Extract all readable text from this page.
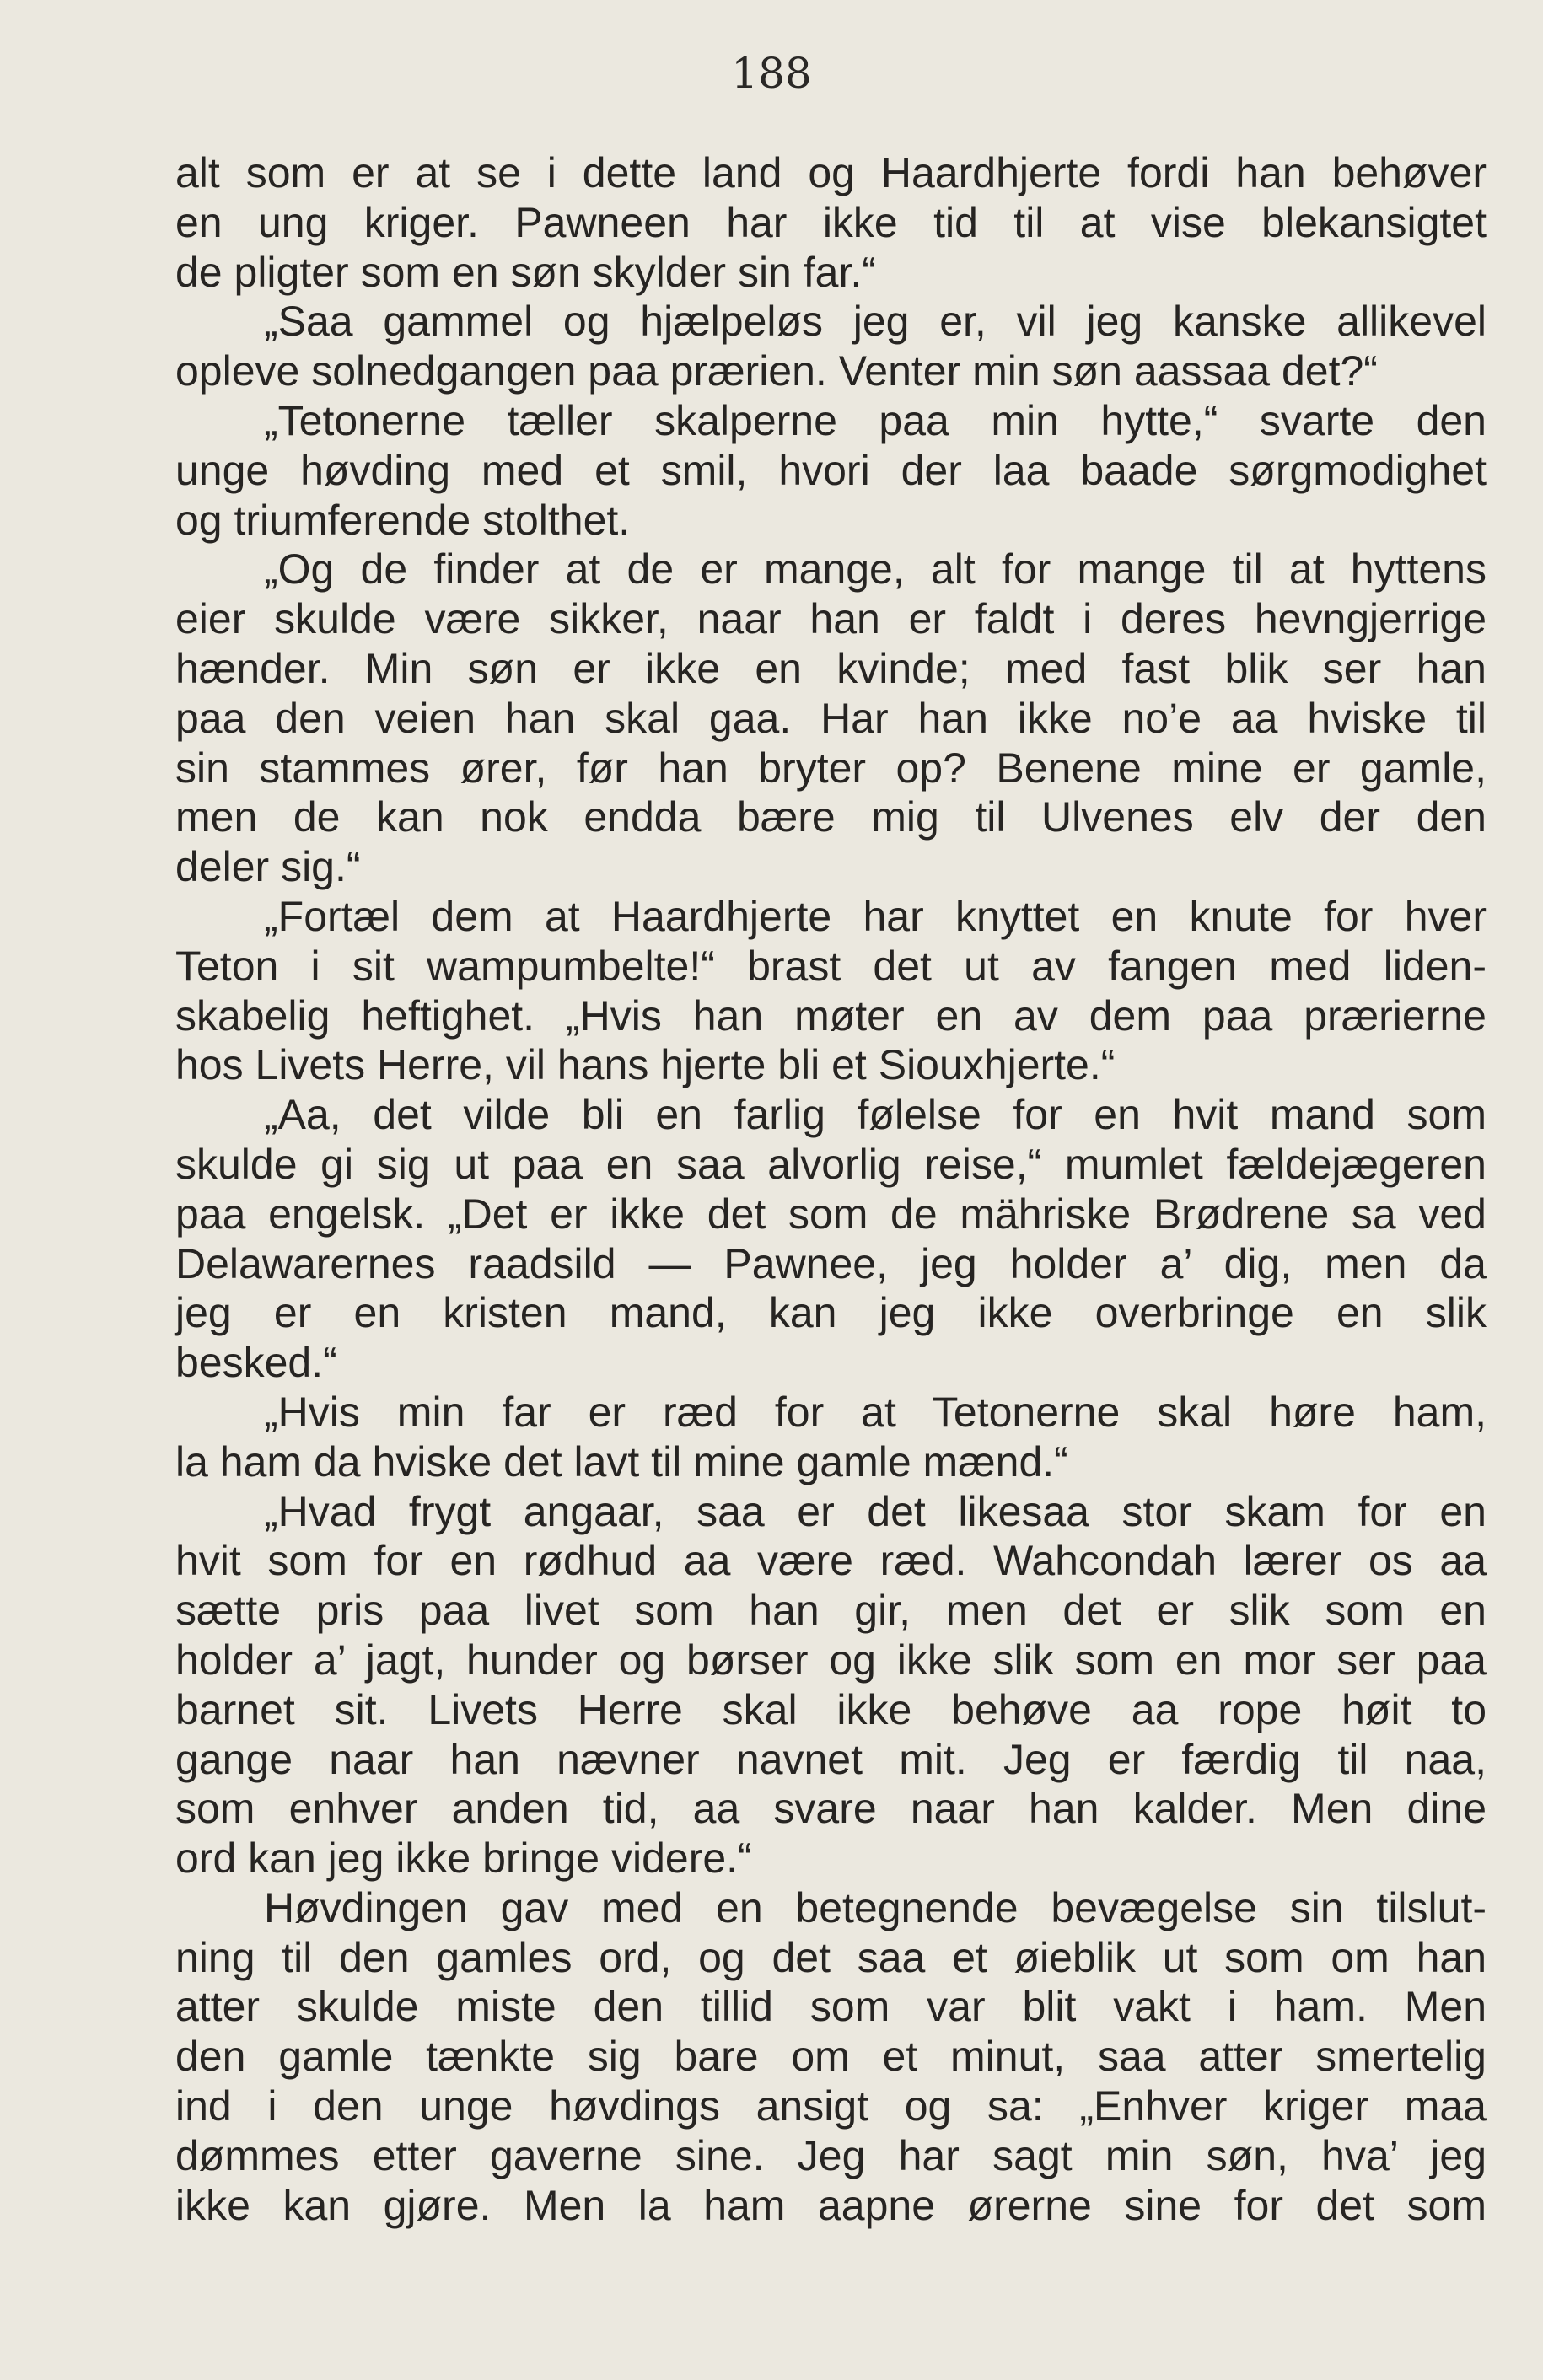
188
alt som er at se i dette land og Haardhjerte fordi han behøver
en ung kriger. Pawneen har ikke tid til at vise blekansigtet
de pligter som en søn skylder sin far.“
„Saa gammel og hjælpeløs jeg er, vil jeg kanske allikevel
opleve solnedgangen paa prærien. Venter min søn aassaa det?“
„Tetonerne tæller skalperne paa min hytte,“ svarte den
unge høvding med et smil, hvori der laa baade sørgmodighet
og triumferende stolthet.
„Og de finder at de er mange, alt for mange til at hyttens
eier skulde være sikker, naar han er faldt i deres hevngjerrige
hænder. Min søn er ikke en kvinde; med fast blik ser han
paa den veien han skal gaa. Har han ikke no’e aa hviske til
sin stammes ører, før han bryter op? Benene mine er gamle,
men de kan nok endda bære mig til Ulvenes elv der den
deler sig.“
„Fortæl dem at Haardhjerte har knyttet en knute for hver
Teton i sit wampumbelte!“ brast det ut av fangen med liden-
skabelig heftighet. „Hvis han møter en av dem paa prærierne
hos Livets Herre, vil hans hjerte bli et Siouxhjerte.“
„Aa, det vilde bli en farlig følelse for en hvit mand som
skulde gi sig ut paa en saa alvorlig reise,“ mumlet fældejægeren
paa engelsk. „Det er ikke det som de mähriske Brødrene sa ved
Delawarernes raadsild — Pawnee, jeg holder a’ dig, men da
jeg er en kristen mand, kan jeg ikke overbringe en slik
besked.“
„Hvis min far er ræd for at Tetonerne skal høre ham,
la ham da hviske det lavt til mine gamle mænd.“
„Hvad frygt angaar, saa er det likesaa stor skam for en
hvit som for en rødhud aa være ræd. Wahcondah lærer os aa
sætte pris paa livet som han gir, men det er slik som en
holder a’ jagt, hunder og børser og ikke slik som en mor ser paa
barnet sit. Livets Herre skal ikke behøve aa rope høit to
gange naar han nævner navnet mit. Jeg er færdig til naa,
som enhver anden tid, aa svare naar han kalder. Men dine
ord kan jeg ikke bringe videre.“
Høvdingen gav med en betegnende bevægelse sin tilslut-
ning til den gamles ord, og det saa et øieblik ut som om han
atter skulde miste den tillid som var blit vakt i ham. Men
den gamle tænkte sig bare om et minut, saa atter smertelig
ind i den unge høvdings ansigt og sa: „Enhver kriger maa
dømmes etter gaverne sine. Jeg har sagt min søn, hva’ jeg
ikke kan gjøre. Men la ham aapne ørerne sine for det som
